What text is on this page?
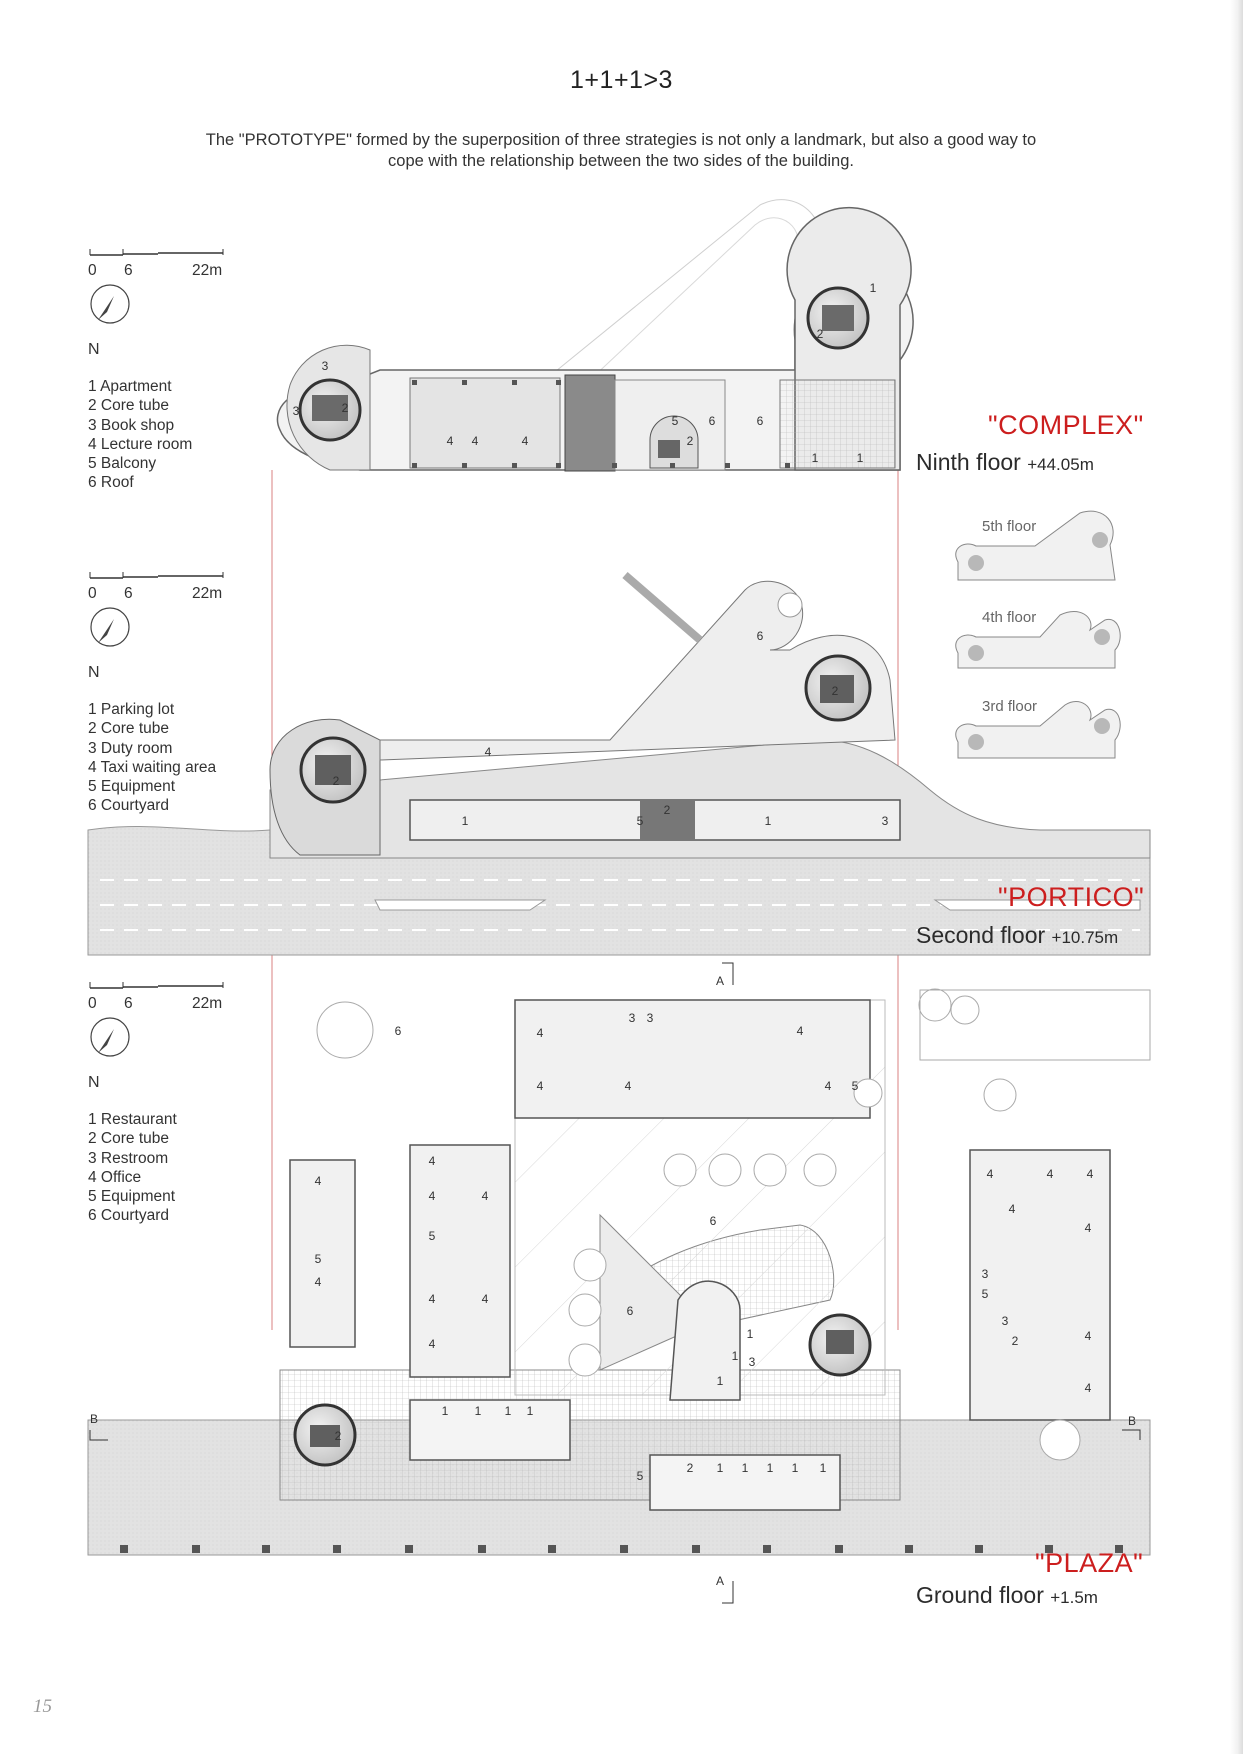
1+1+1>3
The "PROTOTYPE" formed by the superposition of three strategies is not only a landmark, but also a good way to cope with the relationship between the two sides of the building.
0 6	22m
N
1 Apartment
2 Core tube
3 Book shop
4 Lecture room
5 Balcony
6 Roof
0 6	22m
N
1 Parking lot
2 Core tube
3 Duty room
4 Taxi waiting area
5 Equipment
6 Courtyard
0 6	22m
N
1 Restaurant
2 Core tube
3 Restroom
4 Office
5 Equipment
6 Courtyard
3
3	2
4 4	4
5
2
6	6
2
1
1	1
1	1
5
2
3
4
6
2
2
6
6
6
4
4	4
4
4 5
3 3
4
5
4
4
4	4
5
4	4
4
4	4	4
4
4
4
4
3
5
3
2
1
1 3
1
1 1 1 1
2
5
2 1 1 1 1 1
A
A
B	B
5th floor
4th floor
3rd floor
"COMPLEX"
Ninth floor +44.05m
"PORTICO"
Second floor +10.75m
"PLAZA"
Ground floor +1.5m
15
